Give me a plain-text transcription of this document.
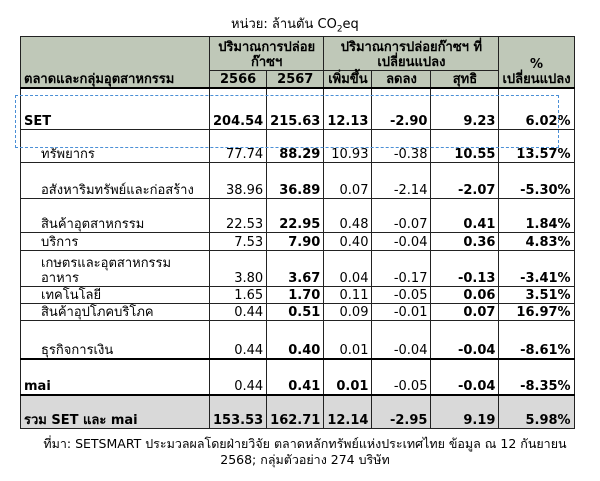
หน่วย: ล้านตัน $CO_2eq$
ตลาดและกลุ่มอุตสาหกรรม	ปริมาณการปล่อยก๊าซฯ		ปริมาณการปล่อยก๊าซฯ ที่เปลี่ยนแปลง			% เปลี่ยนแปลง
	2566	2567	เพิ่มขึ้น	ลดลง	สุทธิ	
SET	204.54	215.63	12.13	-2.90	9.23	6.02%
ทรัพยากร	77.74	88.29	10.93	-0.38	10.55	13.57%
อสังหาริมทรัพย์และก่อสร้าง	38.96	36.89	0.07	-2.14	-2.07	-5.30%
สินค้าอุตสาหกรรม	22.53	22.95	0.48	-0.07	0.41	1.84%
บริการ	7.53	7.90	0.40	-0.04	0.36	4.83%
เกษตรและอุตสาหกรรมอาหาร	3.80	3.67	0.04	-0.17	-0.13	-3.41%
เทคโนโลยี	1.65	1.70	0.11	-0.05	0.06	3.51%
สินค้าอุปโภคบริโภค	0.44	0.51	0.09	-0.01	0.07	16.97%
ธุรกิจการเงิน	0.44	0.40	0.01	-0.04	-0.04	-8.61%
mai	0.44	0.41	0.01	-0.05	-0.04	-8.35%
รวม SET และ mai	153.53	162.71	12.14	-2.95	9.19	5.98%
ที่มา: SETSMART ประมวลผลโดยฝ่ายวิจัย ตลาดหลักทรัพย์แห่งประเทศไทย ข้อมูล ณ 12 กันยายน
2568; กลุ่มตัวอย่าง 274 บริษัท
